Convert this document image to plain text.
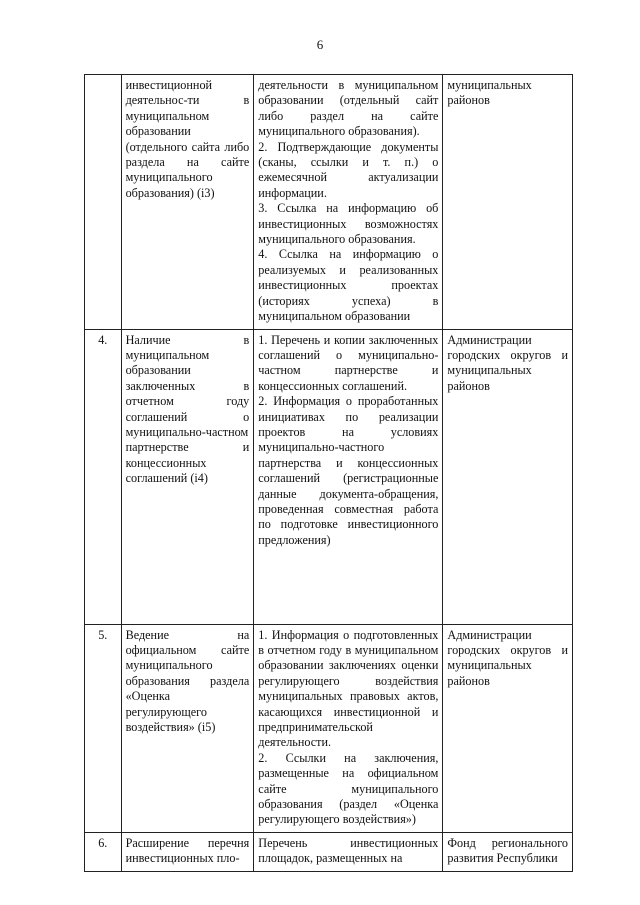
6
	инвестиционной деятельнос-ти в муниципальном образовании (отдельного сайта либо раздела на сайте муниципального образования) (i3)	деятельности в муниципальном образовании (отдельный сайт либо раздел на сайте муниципального образования).

2. Подтверждающие документы (сканы, ссылки и т. п.) о ежемесячной актуализации информации.

3. Ссылка на информацию об инвестиционных возможностях муниципального образования.

4. Ссылка на информацию о реализуемых и реализованных инвестиционных проектах (историях успеха) в муниципальном образовании	муниципальных районов
4.	Наличие в муниципальном образовании заключенных в отчетном году соглашений о муниципально-частном партнерстве и концессионных соглашений (i4)	1. Перечень и копии заключенных соглашений о муниципально-частном партнерстве и концессионных соглашений.

2. Информация о проработанных инициативах по реализации проектов на условиях муниципально-частного партнерства и концессионных соглашений (регистрационные данные документа-обращения, проведенная совместная работа по подготовке инвестиционного предложения)	Администрации городских округов и муниципальных районов
5.	Ведение на официальном сайте муниципального образования раздела «Оценка регулирующего воздействия» (i5)	1. Информация о подготовленных в отчетном году в муниципальном образовании заключениях оценки регулирующего воздействия муниципальных правовых актов, касающихся инвестиционной и предпринимательской деятельности.

2. Ссылки на заключения, размещенные на официальном сайте муниципального образования (раздел «Оценка регулирующего воздействия»)	Администрации городских округов и муниципальных районов
6.	Расширение перечня инвестиционных пло-	Перечень инвестиционных площадок, размещенных на	Фонд регионального развития Республики
